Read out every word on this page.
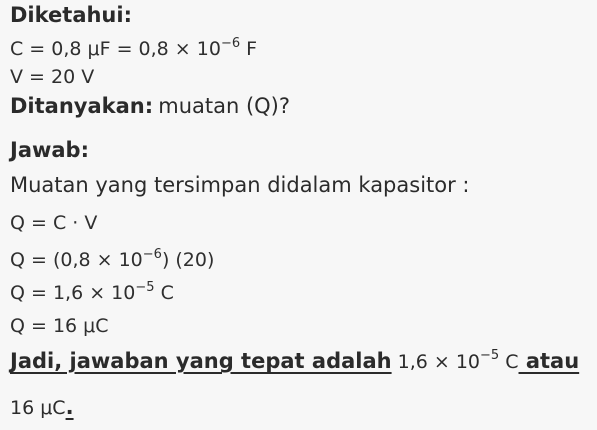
Diketahui:
C = 0,8 $\mu F = 0,8 \times 10^{-6}$ F
V = 20 V
Ditanyakan: muatan (Q)?
Jawab:
Muatan yang tersimpan didalam kapasitor :
Q = C · V
$Q = (0,8 \times 10^{-6})$ (20)
$Q = 1,6 \times 10^{-5}$ C
Q = 16 μC
Jadi, jawaban yang tepat adalah $1,6 \times 10^{-5}$ C atau
16 μC.
